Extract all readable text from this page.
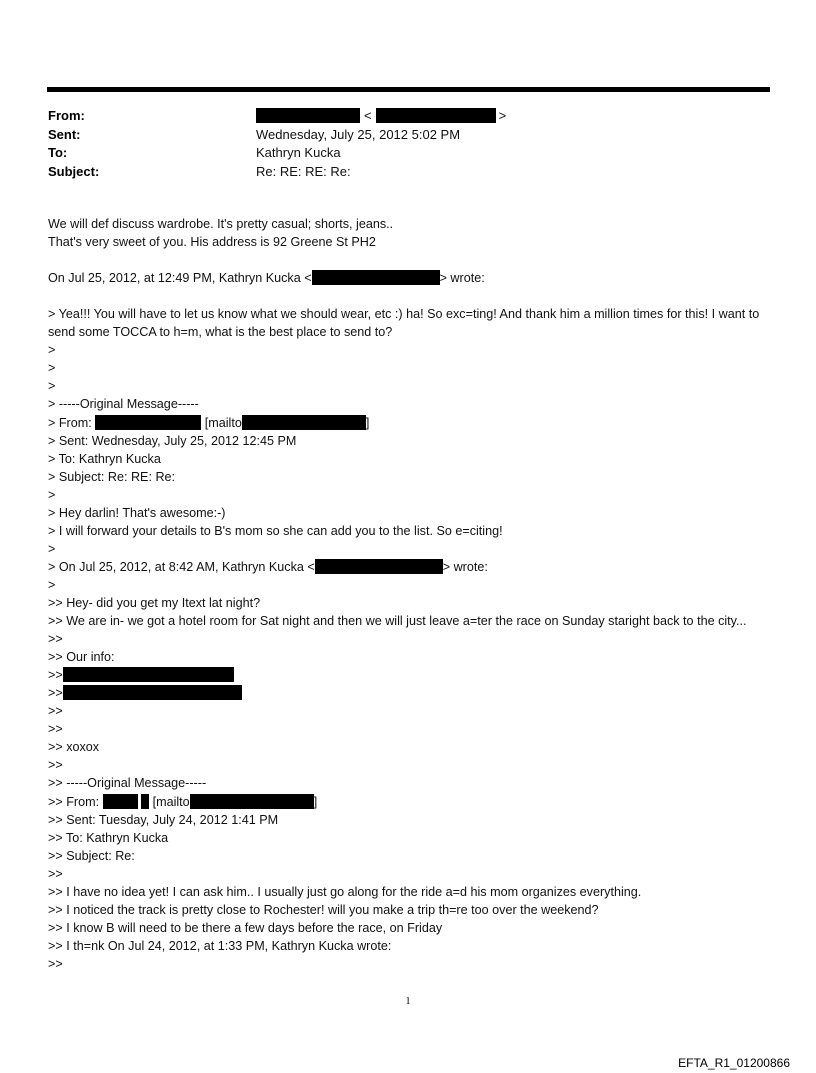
From:	<	>
Sent:	Wednesday, July 25, 2012 5:02 PM
To:	Kathryn Kucka
Subject:	Re: RE: RE: Re:
We will def discuss wardrobe. It's pretty casual; shorts, jeans..
That's very sweet of you. His address is 92 Greene St PH2
On Jul 25, 2012, at 12:49 PM, Kathryn Kucka <	> wrote:
> Yea!!! You will have to let us know what we should wear, etc :) ha! So exc=ting! And thank him a million times for this! I want to send some TOCCA to h=m, what is the best place to send to?
>
>
>
> -----Original Message-----
> From:	[mailto	]
> Sent: Wednesday, July 25, 2012 12:45 PM
> To: Kathryn Kucka
> Subject: Re: RE: Re:
>
> Hey darlin! That's awesome:-)
> I will forward your details to B's mom so she can add you to the list. So e=citing!
>
> On Jul 25, 2012, at 8:42 AM, Kathryn Kucka <	> wrote:
>
>> Hey- did you get my Itext lat night?
>> We are in- we got a hotel room for Sat night and then we will just leave a=ter the race on Sunday staright back to the city...
>>
>> Our info:
>>
>>
>>
>>
>> xoxox
>>
>> -----Original Message-----
>> From:	[mailto	]
>> Sent: Tuesday, July 24, 2012 1:41 PM
>> To: Kathryn Kucka
>> Subject: Re:
>>
>> I have no idea yet! I can ask him.. I usually just go along for the ride a=d his mom organizes everything.
>> I noticed the track is pretty close to Rochester! will you make a trip th=re too over the weekend?
>> I know B will need to be there a few days before the race, on Friday
>> I th=nk On Jul 24, 2012, at 1:33 PM, Kathryn Kucka wrote:
>>
1
EFTA_R1_01200866
